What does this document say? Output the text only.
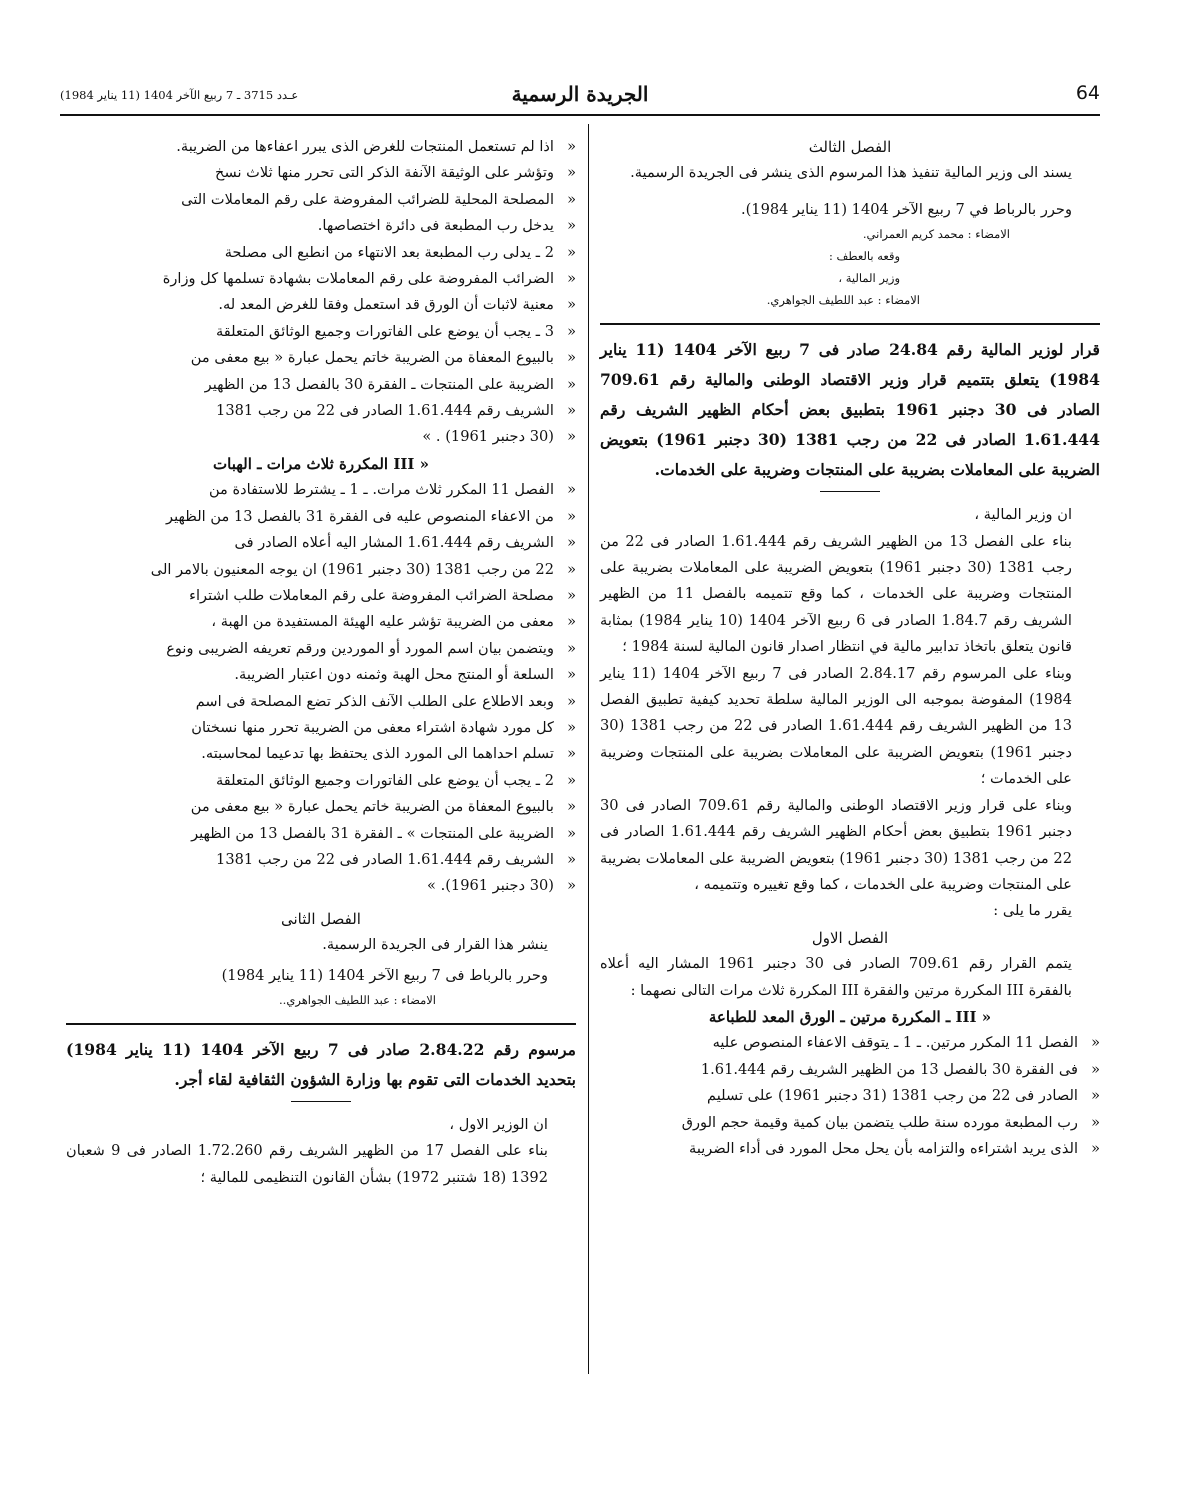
64
الجريدة الرسمية
عـدد 3715 ـ 7 ربيع الآخر 1404 (11 يناير 1984)

الفصل الثالث

يسند الى وزير المالية تنفيذ هذا المرسوم الذى ينشر فى الجريدة الرسمية.

وحرر بالرباط في 7 ربيع الآخر 1404 (11 يناير 1984).

الامضاء : محمد كريم العمراني.

وقعه بالعطف :

وزير المالية ،

الامضاء : عبد اللطيف الجواهري.

قرار لوزير المالية رقم 24.84 صادر فى 7 ربيع الآخر 1404 (11 يناير 1984) يتعلق بتتميم قرار وزير الاقتصاد الوطنى والمالية رقم 709.61 الصادر فى 30 دجنبر 1961 بتطبيق بعض أحكام الظهير الشريف رقم 1.61.444 الصادر فى 22 من رجب 1381 (30 دجنبر 1961) بتعويض الضريبة على المعاملات بضريبة على المنتجات وضريبة على الخدمات.

ان وزير المالية ،

بناء على الفصل 13 من الظهير الشريف رقم 1.61.444 الصادر فى 22 من رجب 1381 (30 دجنبر 1961) بتعويض الضريبة على المعاملات بضريبة على المنتجات وضريبة على الخدمات ، كما وقع تتميمه بالفصل 11 من الظهير الشريف رقم 1.84.7 الصادر فى 6 ربيع الآخر 1404 (10 يناير 1984) بمثابة قانون يتعلق باتخاذ تدابير مالية في انتظار اصدار قانون المالية لسنة 1984 ؛

وبناء على المرسوم رقم 2.84.17 الصادر فى 7 ربيع الآخر 1404 (11 يناير 1984) المفوضة بموجبه الى الوزير المالية سلطة تحديد كيفية تطبيق الفصل 13 من الظهير الشريف رقم 1.61.444 الصادر فى 22 من رجب 1381 (30 دجنبر 1961) بتعويض الضريبة على المعاملات بضريبة على المنتجات وضريبة على الخدمات ؛

وبناء على قرار وزير الاقتصاد الوطنى والمالية رقم 709.61 الصادر فى 30 دجنبر 1961 بتطبيق بعض أحكام الظهير الشريف رقم 1.61.444 الصادر فى 22 من رجب 1381 (30 دجنبر 1961) بتعويض الضريبة على المعاملات بضريبة على المنتجات وضريبة على الخدمات ، كما وقع تغييره وتتميمه ،

يقرر ما يلى :

الفصل الاول

يتمم القرار رقم 709.61 الصادر فى 30 دجنبر 1961 المشار اليه أعلاه بالفقرة III المكررة مرتين والفقرة III المكررة ثلاث مرات التالى نصهما :

« III ـ المكررة مرتين ـ الورق المعد للطباعة

«الفصل 11 المكرر مرتين. ـ 1 ـ يتوقف الاعفاء المنصوص عليه

«فى الفقرة 30 بالفصل 13 من الظهير الشريف رقم 1.61.444

«الصادر فى 22 من رجب 1381 (31 دجنبر 1961) على تسليم

«رب المطبعة مورده سنة طلب يتضمن بيان كمية وقيمة حجم الورق

«الذى يريد اشتراءه والتزامه بأن يحل محل المورد فى أداء الضريبة

«اذا لم تستعمل المنتجات للغرض الذى يبرر اعفاءها من الضريبة.

«وتؤشر على الوثيقة الآنفة الذكر التى تحرر منها ثلاث نسخ

«المصلحة المحلية للضرائب المفروضة على رقم المعاملات التى

«يدخل رب المطبعة فى دائرة اختصاصها.

«2 ـ يدلى رب المطبعة بعد الانتهاء من انطبع الى مصلحة

«الضرائب المفروضة على رقم المعاملات بشهادة تسلمها كل وزارة

«معنية لاثبات أن الورق قد استعمل وفقا للغرض المعد له.

«3 ـ يجب أن يوضع على الفاتورات وجميع الوثائق المتعلقة

«بالبيوع المعفاة من الضريبة خاتم يحمل عبارة « بيع معفى من

«الضريبة على المنتجات ـ الفقرة 30 بالفصل 13 من الظهير

«الشريف رقم 1.61.444 الصادر فى 22 من رجب 1381

«(30 دجنبر 1961) . »

« III المكررة ثلاث مرات ـ الهبات

«الفصل 11 المكرر ثلاث مرات. ـ 1 ـ يشترط للاستفادة من

«من الاعفاء المنصوص عليه فى الفقرة 31 بالفصل 13 من الظهير

«الشريف رقم 1.61.444 المشار اليه أعلاه الصادر فى

«22 من رجب 1381 (30 دجنبر 1961) ان يوجه المعنيون بالامر الى

«مصلحة الضرائب المفروضة على رقم المعاملات طلب اشتراء

«معفى من الضريبة تؤشر عليه الهيئة المستفيدة من الهبة ،

«ويتضمن بيان اسم المورد أو الموردين ورقم تعريفه الضريبى ونوع

«السلعة أو المنتج محل الهبة وثمنه دون اعتبار الضريبة.

«وبعد الاطلاع على الطلب الآنف الذكر تضع المصلحة فى اسم

«كل مورد شهادة اشتراء معفى من الضريبة تحرر منها نسختان

«تسلم احداهما الى المورد الذى يحتفظ بها تدعيما لمحاسبته.

«2 ـ يجب أن يوضع على الفاتورات وجميع الوثائق المتعلقة

«بالبيوع المعفاة من الضريبة خاتم يحمل عبارة « بيع معفى من

«الضريبة على المنتجات » ـ الفقرة 31 بالفصل 13 من الظهير

«الشريف رقم 1.61.444 الصادر فى 22 من رجب 1381

«(30 دجنبر 1961). »

الفصل الثانى

ينشر هذا القرار فى الجريدة الرسمية.

وحرر بالرباط فى 7 ربيع الآخر 1404 (11 يناير 1984)

الامضاء : عبد اللطيف الجواهري..

مرسوم رقم 2.84.22 صادر فى 7 ربيع الآخر 1404 (11 يناير 1984) بتحديد الخدمات التى تقوم بها وزارة الشؤون الثقافية لقاء أجر.

ان الوزير الاول ،

بناء على الفصل 17 من الظهير الشريف رقم 1.72.260 الصادر فى 9 شعبان 1392 (18 شتنبر 1972) بشأن القانون التنظيمى للمالية ؛
